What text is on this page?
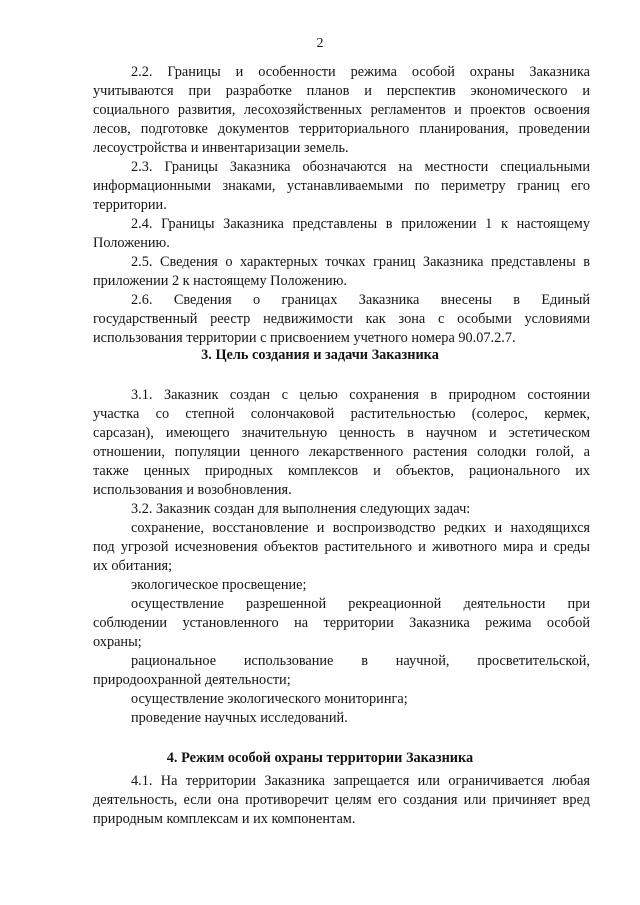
2
2.2. Границы и особенности режима особой охраны Заказника
учитываются при разработке планов и перспектив экономического и
социального развития, лесохозяйственных регламентов и проектов освоения
лесов, подготовке документов территориального планирования, проведении
лесоустройства и инвентаризации земель.
2.3. Границы Заказника обозначаются на местности специальными
информационными знаками, устанавливаемыми по периметру границ его
территории.
2.4. Границы Заказника представлены в приложении 1 к настоящему
Положению.
2.5. Сведения о характерных точках границ Заказника представлены в
приложении 2 к настоящему Положению.
2.6. Сведения о границах Заказника внесены в Единый
государственный реестр недвижимости как зона с особыми условиями
использования территории с присвоением учетного номера 90.07.2.7.
3. Цель создания и задачи Заказника
3.1. Заказник создан с целью сохранения в природном состоянии
участка со степной солончаковой растительностью (солерос, кермек,
сарсазан), имеющего значительную ценность в научном и эстетическом
отношении, популяции ценного лекарственного растения солодки голой, а
также ценных природных комплексов и объектов, рационального их
использования и возобновления.
3.2. Заказник создан для выполнения следующих задач:
сохранение, восстановление и воспроизводство редких и находящихся
под угрозой исчезновения объектов растительного и животного мира и среды
их обитания;
экологическое просвещение;
осуществление разрешенной рекреационной деятельности при
соблюдении установленного на территории Заказника режима особой
охраны;
рациональное использование в научной, просветительской,
природоохранной деятельности;
осуществление экологического мониторинга;
проведение научных исследований.
4. Режим особой охраны территории Заказника
4.1. На территории Заказника запрещается или ограничивается любая
деятельность, если она противоречит целям его создания или причиняет вред
природным комплексам и их компонентам.
